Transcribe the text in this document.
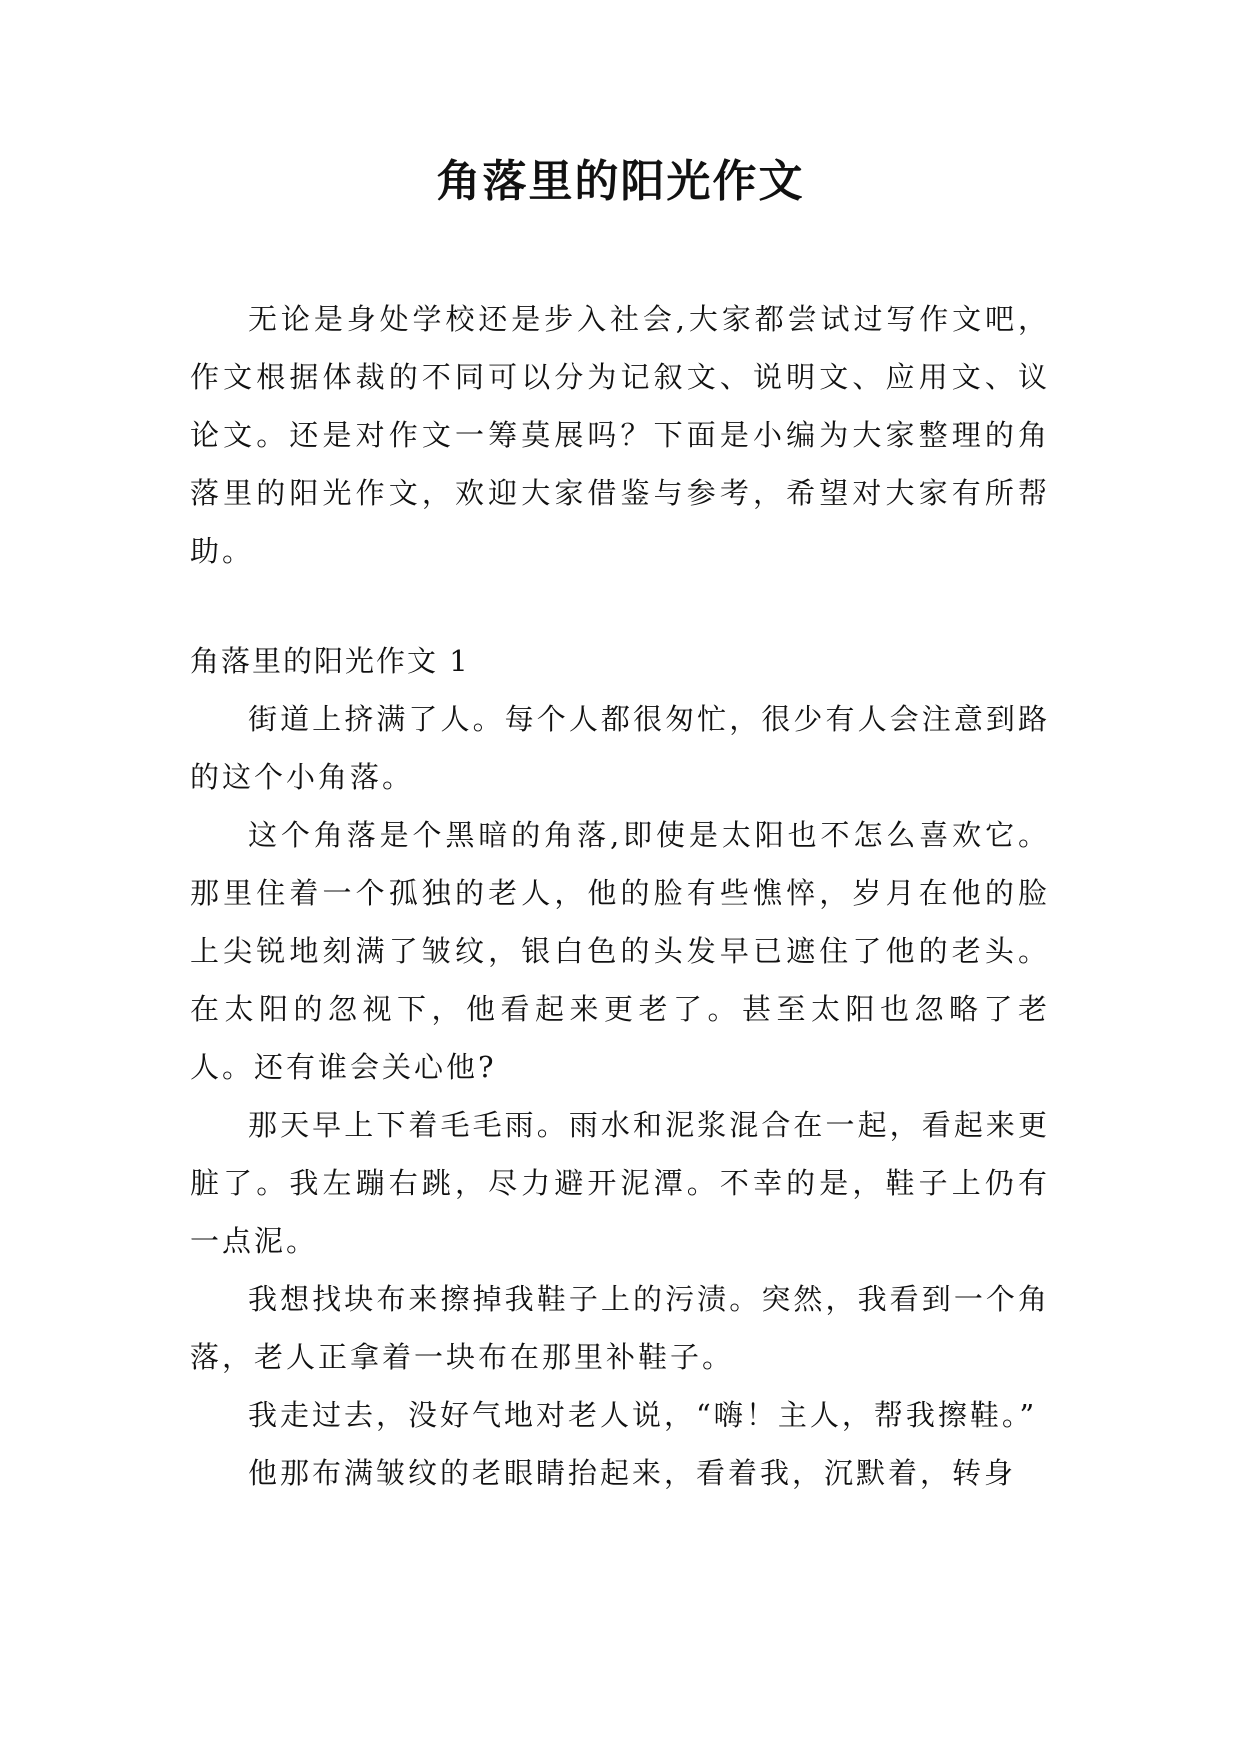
角落里的阳光作文

无论是身处学校还是步入社会,大家都尝试过写作文吧，作文根据体裁的不同可以分为记叙文、说明文、应用文、议论文。还是对作文一筹莫展吗？下面是小编为大家整理的角落里的阳光作文，欢迎大家借鉴与参考，希望对大家有所帮助。

角落里的阳光作文 1

街道上挤满了人。每个人都很匆忙，很少有人会注意到路的这个小角落。

这个角落是个黑暗的角落,即使是太阳也不怎么喜欢它。那里住着一个孤独的老人，他的脸有些憔悴，岁月在他的脸上尖锐地刻满了皱纹，银白色的头发早已遮住了他的老头。在太阳的忽视下，他看起来更老了。甚至太阳也忽略了老人。还有谁会关心他?

那天早上下着毛毛雨。雨水和泥浆混合在一起，看起来更脏了。我左蹦右跳，尽力避开泥潭。不幸的是，鞋子上仍有一点泥。

我想找块布来擦掉我鞋子上的污渍。突然，我看到一个角落，老人正拿着一块布在那里补鞋子。

我走过去，没好气地对老人说，“嗨！主人，帮我擦鞋。”

他那布满皱纹的老眼睛抬起来，看着我，沉默着，转身
